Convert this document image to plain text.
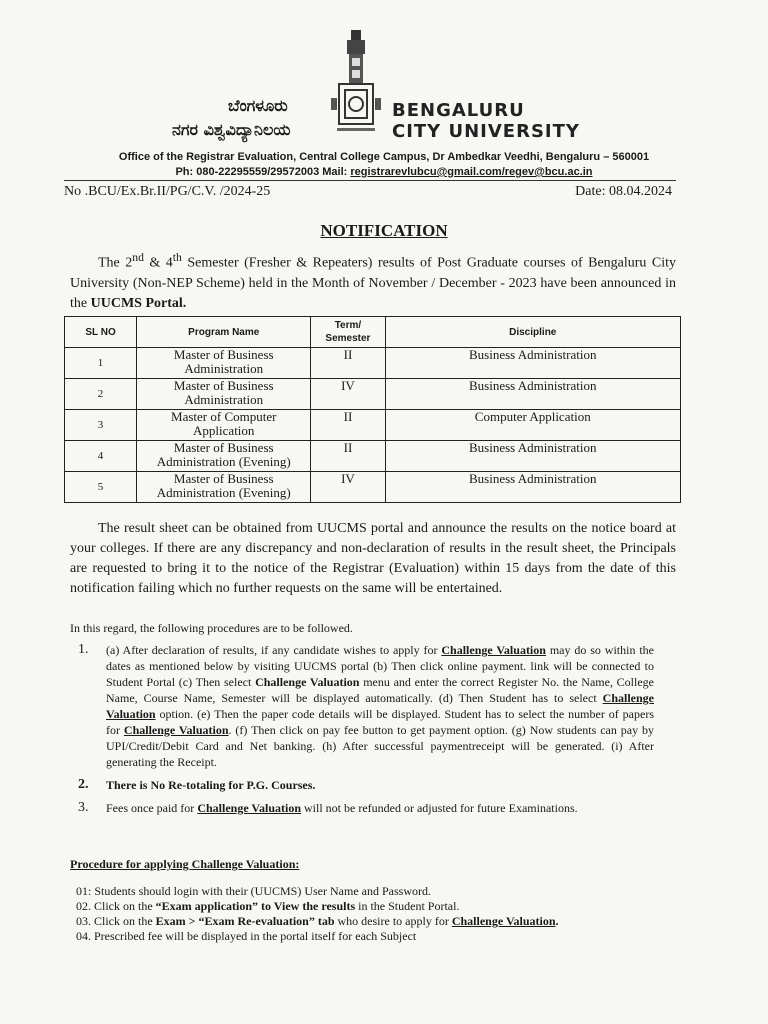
ಬೆಂಗಳೂರು
ನಗರ ವಿಶ್ವವಿದ್ಯಾನಿಲಯ
BENGALURU
CITY UNIVERSITY
Office of the Registrar Evaluation, Central College Campus, Dr Ambedkar Veedhi, Bengaluru – 560001
Ph: 080-22295559/29572003 Mail: registrarevlubcu@gmail.com/regev@bcu.ac.in
No .BCU/Ex.Br.II/PG/C.V. /2024-25	Date: 08.04.2024
NOTIFICATION
The 2nd & 4th Semester (Fresher & Repeaters) results of Post Graduate courses of Bengaluru City University (Non-NEP Scheme) held in the Month of November / December - 2023 have been announced in the UUCMS Portal.
SL NO	Program Name	Term/ Semester	Discipline
1	Master of Business Administration	II	Business Administration
2	Master of Business Administration	IV	Business Administration
3	Master of Computer Application	II	Computer Application
4	Master of Business Administration (Evening)	II	Business Administration
5	Master of Business Administration (Evening)	IV	Business Administration
The result sheet can be obtained from UUCMS portal and announce the results on the notice board at your colleges. If there are any discrepancy and non-declaration of results in the result sheet, the Principals are requested to bring it to the notice of the Registrar (Evaluation) within 15 days from the date of this notification failing which no further requests on the same will be entertained.
In this regard, the following procedures are to be followed.
1. (a) After declaration of results, if any candidate wishes to apply for Challenge Valuation may do so within the dates as mentioned below by visiting UUCMS portal (b) Then click online payment. link will be connected to Student Portal (c) Then select Challenge Valuation menu and enter the correct Register No. the Name, College Name, Course Name, Semester will be displayed automatically. (d) Then Student has to select Challenge Valuation option. (e) Then the paper code details will be displayed. Student has to select the number of papers for Challenge Valuation. (f) Then click on pay fee button to get payment option. (g) Now students can pay by UPI/Credit/Debit Card and Net banking. (h) After successful paymentreceipt will be generated. (i) After generating the Receipt.
2. There is No Re-totaling for P.G. Courses.
3. Fees once paid for Challenge Valuation will not be refunded or adjusted for future Examinations.
Procedure for applying Challenge Valuation:
01: Students should login with their (UUCMS) User Name and Password.
02. Click on the “Exam application” to View the results in the Student Portal.
03. Click on the Exam > “Exam Re-evaluation” tab who desire to apply for Challenge Valuation.
04. Prescribed fee will be displayed in the portal itself for each Subject
